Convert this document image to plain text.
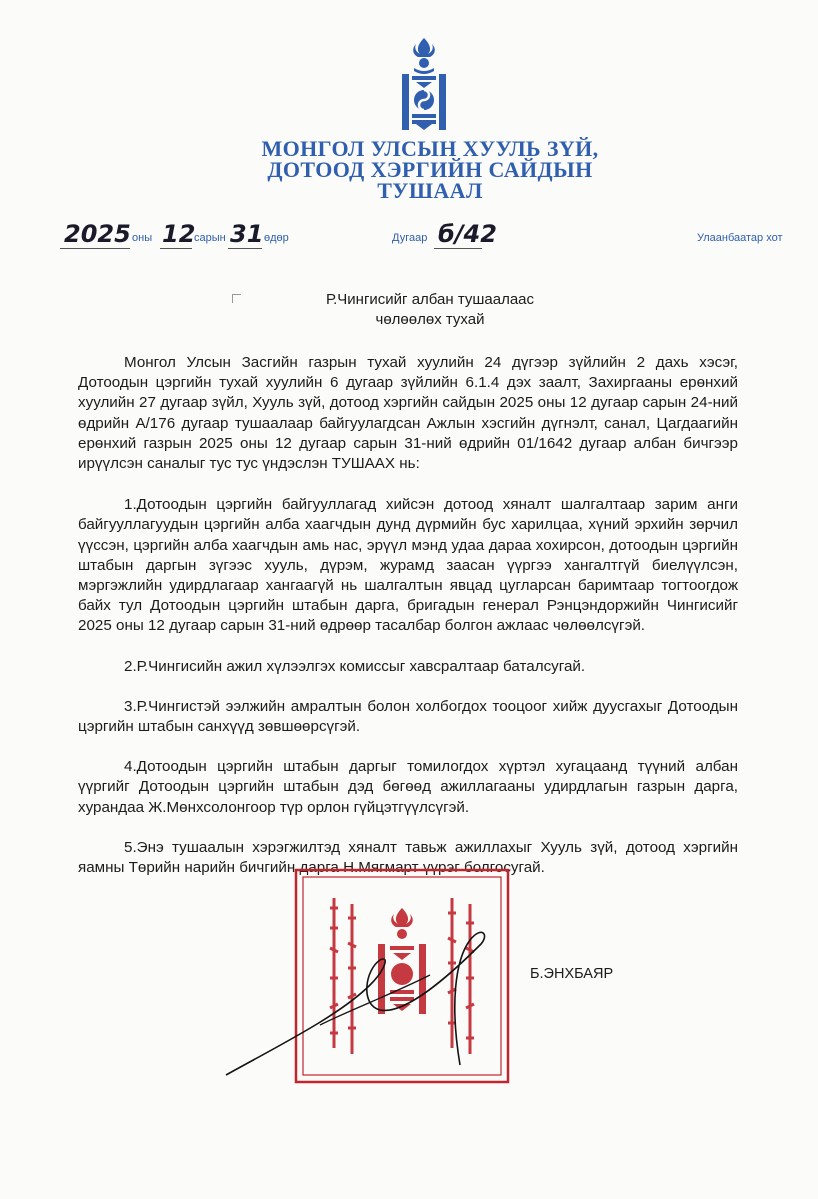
МОНГОЛ УЛСЫН ХУУЛЬ ЗҮЙ,
ДОТООД ХЭРГИЙН САЙДЫН
ТУШААЛ
2025 оны 12
сарын 31 өдөр	Дугаар б/42	Улаанбаатар хот
Р.Чингисийг албан тушаалаас
чөлөөлөх тухай

Монгол Улсын Засгийн газрын тухай хуулийн 24 дүгээр зүйлийн 2 дахь хэсэг, Дотоодын цэргийн тухай хуулийн 6 дугаар зүйлийн 6.1.4 дэх заалт, Захиргааны ерөнхий хуулийн 27 дугаар зүйл, Хууль зүй, дотоод хэргийн сайдын 2025 оны 12 дугаар сарын 24-ний өдрийн А/176 дугаар тушаалаар байгуулагдсан Ажлын хэсгийн дүгнэлт, санал, Цагдаагийн ерөнхий газрын 2025 оны 12 дугаар сарын 31-ний өдрийн 01/1642 дугаар албан бичгээр ирүүлсэн саналыг тус тус үндэслэн ТУШААХ нь:

1.Дотоодын цэргийн байгууллагад хийсэн дотоод хяналт шалгалтаар зарим анги байгууллагуудын цэргийн алба хаагчдын дунд дүрмийн бус харилцаа, хүний эрхийн зөрчил үүссэн, цэргийн алба хаагчдын амь нас, эрүүл мэнд удаа дараа хохирсон, дотоодын цэргийн штабын даргын зүгээс хууль, дүрэм, журамд заасан үүргээ хангалтгүй биелүүлсэн, мэргэжлийн удирдлагаар хангаагүй нь шалгалтын явцад цугларсан баримтаар тогтоогдож байх тул Дотоодын цэргийн штабын дарга, бригадын генерал Рэнцэндоржийн Чингисийг 2025 оны 12 дугаар сарын 31-ний өдрөөр тасалбар болгон ажлаас чөлөөлсүгэй.

2.Р.Чингисийн ажил хүлээлгэх комиссыг хавсралтаар баталсугай.

3.Р.Чингистэй ээлжийн амралтын болон холбогдох тооцоог хийж дуусгахыг Дотоодын цэргийн штабын санхүүд зөвшөөрсүгэй.

4.Дотоодын цэргийн штабын даргыг томилогдох хүртэл хугацаанд түүний албан үүргийг Дотоодын цэргийн штабын дэд бөгөөд ажиллагааны удирдлагын газрын дарга, хурандаа Ж.Мөнхсолонгоор түр орлон гүйцэтгүүлсүгэй.

5.Энэ тушаалын хэрэгжилтэд хяналт тавьж ажиллахыг Хууль зүй, дотоод хэргийн яамны Төрийн нарийн бичгийн дарга Н.Мягмарт үүрэг болгосугай.

Б.ЭНХБАЯР
